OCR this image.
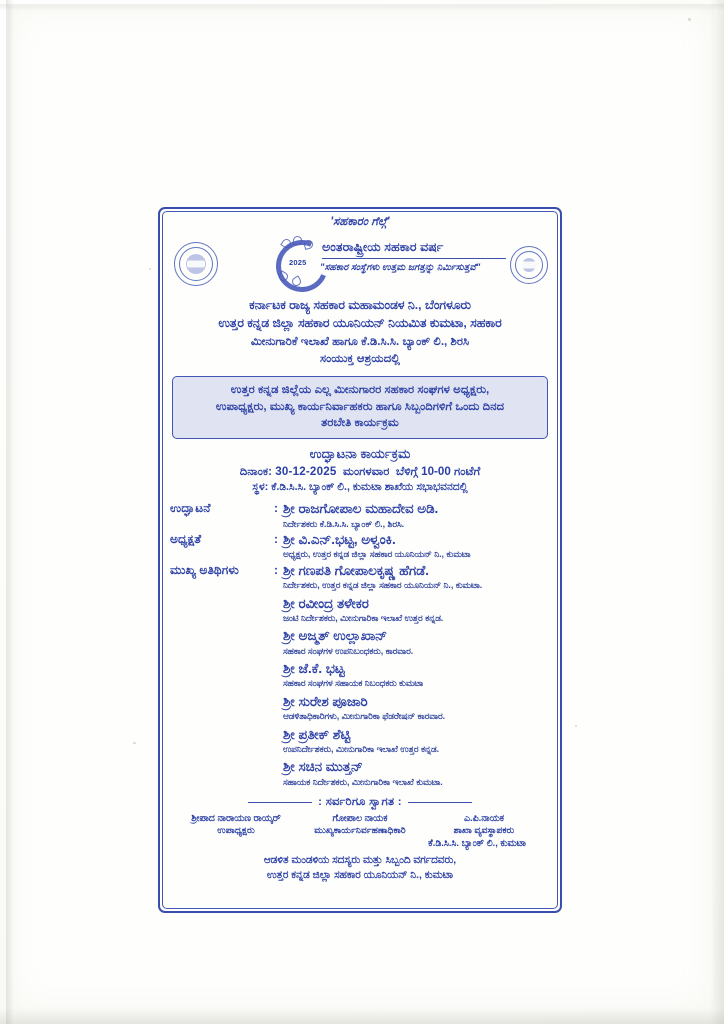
'ಸಹಕಾರಂ ಗೆಲ್ಗೆ'
2025
ಅಂತರಾಷ್ಟ್ರೀಯ ಸಹಕಾರ ವರ್ಷ
"ಸಹಕಾರ ಸಂಸ್ಥೆಗಳು ಉತ್ತಮ ಜಗತ್ತನ್ನು ನಿರ್ಮಿಸುತ್ತವೆ"
ಕರ್ನಾಟಕ ರಾಜ್ಯ ಸಹಕಾರ ಮಹಾಮಂಡಳ ನಿ., ಬೆಂಗಳೂರು
ಉತ್ತರ ಕನ್ನಡ ಜಿಲ್ಲಾ ಸಹಕಾರ ಯೂನಿಯನ್ ನಿಯಮಿತ ಕುಮಟಾ, ಸಹಕಾರ
ಮೀನುಗಾರಿಕೆ ಇಲಾಖೆ ಹಾಗೂ ಕೆ.ಡಿ.ಸಿ.ಸಿ. ಬ್ಯಾಂಕ್ ಲಿ., ಶಿರಸಿ
ಸಂಯುಕ್ತ ಆಶ್ರಯದಲ್ಲಿ
ಉತ್ತರ ಕನ್ನಡ ಜಿಲ್ಲೆಯ ಎಲ್ಲ ಮೀನುಗಾರರ ಸಹಕಾರ ಸಂಘಗಳ ಅಧ್ಯಕ್ಷರು,
ಉಪಾಧ್ಯಕ್ಷರು, ಮುಖ್ಯ ಕಾರ್ಯನಿರ್ವಾಹಕರು ಹಾಗೂ ಸಿಬ್ಬಂದಿಗಳಿಗೆ ಒಂದು ದಿನದ
ತರಬೇತಿ ಕಾರ್ಯಕ್ರಮ
ಉದ್ಘಾಟನಾ ಕಾರ್ಯಕ್ರಮ
ದಿನಾಂಕ: 30-12-2025 ಮಂಗಳವಾರ ಬೆಳಿಗ್ಗೆ 10-00 ಗಂಟೆಗೆ
ಸ್ಥಳ: ಕೆ.ಡಿ.ಸಿ.ಸಿ. ಬ್ಯಾಂಕ್ ಲಿ., ಕುಮಟಾ ಶಾಖೆಯ ಸಭಾಭವನದಲ್ಲಿ
ಉದ್ಘಾಟನೆ	: ಶ್ರೀ ರಾಜಗೋಪಾಲ ಮಹಾದೇವ ಅಡಿ.
ನಿರ್ದೇಶಕರು ಕೆ.ಡಿ.ಸಿ.ಸಿ. ಬ್ಯಾಂಕ್ ಲಿ., ಶಿರಸಿ.
ಅಧ್ಯಕ್ಷತೆ	: ಶ್ರೀ ವಿ.ಎನ್.ಭಟ್ಟ, ಅಳ್ವಂಕಿ.
ಅಧ್ಯಕ್ಷರು, ಉತ್ತರ ಕನ್ನಡ ಜಿಲ್ಲಾ ಸಹಕಾರ ಯೂನಿಯನ್ ನಿ., ಕುಮಟಾ
ಮುಖ್ಯ ಅತಿಥಿಗಳು	: ಶ್ರೀ ಗಣಪತಿ ಗೋಪಾಲಕೃಷ್ಣ ಹೆಗಡೆ.
ನಿರ್ದೇಶಕರು, ಉತ್ತರ ಕನ್ನಡ ಜಿಲ್ಲಾ ಸಹಕಾರ ಯೂನಿಯನ್ ನಿ., ಕುಮಟಾ.
ಶ್ರೀ ರವೀಂದ್ರ ತಳೇಕರ
ಜಂಟಿ ನಿರ್ದೇಶಕರು, ಮೀನುಗಾರಿಕಾ ಇಲಾಖೆ ಉತ್ತರ ಕನ್ನಡ.
ಶ್ರೀ ಅಜ್ಮತ್ ಉಲ್ಲಾಖಾನ್
ಸಹಕಾರ ಸಂಘಗಳ ಉಪನಿಬಂಧಕರು, ಕಾರವಾರ.
ಶ್ರೀ ಜೆ.ಕೆ. ಭಟ್ಟ
ಸಹಕಾರ ಸಂಘಗಳ ಸಹಾಯಕ ನಿಬಂಧಕರು ಕುಮಟಾ
ಶ್ರೀ ಸುರೇಶ ಪೂಜಾರಿ
ಆಡಳಿತಾಧಿಕಾರಿಗಳು, ಮೀನುಗಾರಿಕಾ ಫೆಡರೇಷನ್ ಕಾರವಾರ.
ಶ್ರೀ ಪ್ರತೀಕ್ ಶೆಟ್ಟಿ
ಉಪನಿರ್ದೇಶಕರು, ಮೀನುಗಾರಿಕಾ ಇಲಾಖೆ ಉತ್ತರ ಕನ್ನಡ.
ಶ್ರೀ ಸಚಿನ ಮುತ್ತನ್
ಸಹಾಯಕ ನಿರ್ದೇಶಕರು, ಮೀನುಗಾರಿಕಾ ಇಲಾಖೆ ಕುಮಟಾ.
: ಸರ್ವರಿಗೂ ಸ್ವಾಗತ :
ಶ್ರೀಪಾದ ನಾರಾಯಣ ರಾಯ್ಕರ್
ಉಪಾಧ್ಯಕ್ಷರು
ಗೋಪಾಲ ನಾಯಕ
ಮುಖ್ಯಕಾರ್ಯನಿರ್ವಹಣಾಧಿಕಾರಿ
ಎ.ಪಿ.ನಾಯಕ
ಶಾಖಾ ವ್ಯವಸ್ಥಾಪಕರು
ಕೆ.ಡಿ.ಸಿ.ಸಿ. ಬ್ಯಾಂಕ್ ಲಿ., ಕುಮಟಾ
ಆಡಳಿತ ಮಂಡಳಿಯ ಸದಸ್ಯರು ಮತ್ತು ಸಿಬ್ಬಂದಿ ವರ್ಗದವರು,
ಉತ್ತರ ಕನ್ನಡ ಜಿಲ್ಲಾ ಸಹಕಾರ ಯೂನಿಯನ್ ನಿ., ಕುಮಟಾ
